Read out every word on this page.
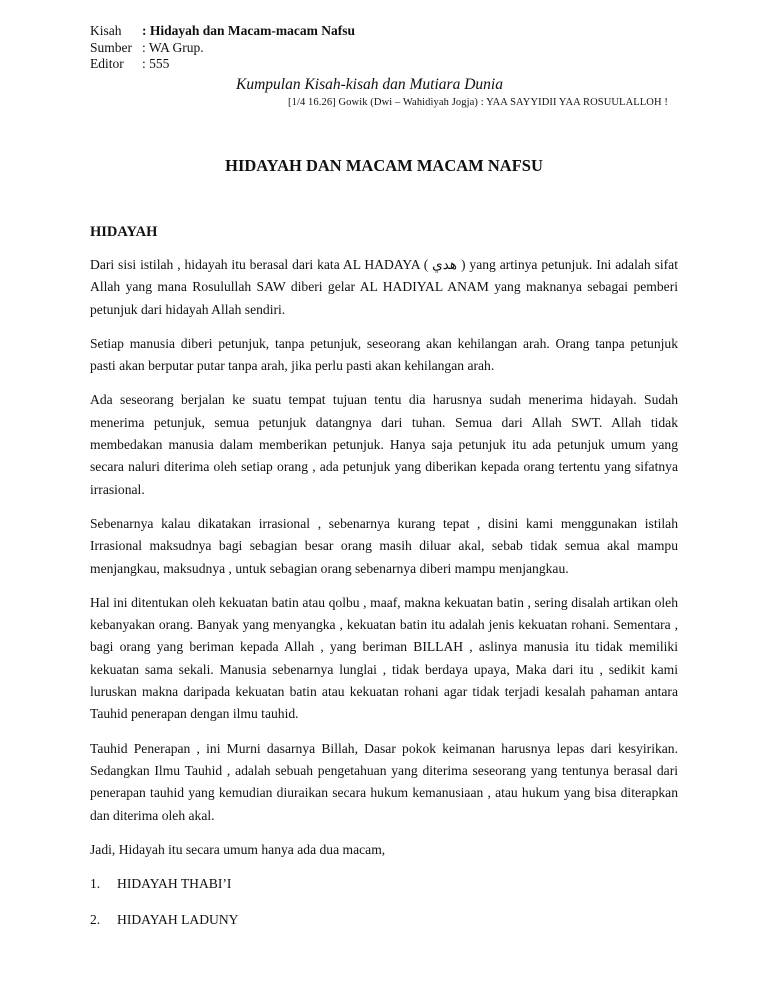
Kisah : Hidayah dan Macam-macam Nafsu
Sumber : WA Grup.
Editor : 555
Kumpulan Kisah-kisah dan Mutiara Dunia
[1/4 16.26] Gowik (Dwi – Wahidiyah Jogja) : YAA SAYYIDII YAA ROSUULALLOH !
HIDAYAH DAN MACAM MACAM NAFSU
HIDAYAH

Dari sisi istilah , hidayah itu berasal dari kata AL HADAYA ( هدي ) yang artinya petunjuk. Ini adalah sifat Allah yang mana Rosulullah SAW diberi gelar AL HADIYAL ANAM yang maknanya sebagai pemberi petunjuk dari hidayah Allah sendiri.

Setiap manusia diberi petunjuk, tanpa petunjuk, seseorang akan kehilangan arah. Orang tanpa petunjuk pasti akan berputar putar tanpa arah, jika perlu pasti akan kehilangan arah.

Ada seseorang berjalan ke suatu tempat tujuan tentu dia harusnya sudah menerima hidayah. Sudah menerima petunjuk, semua petunjuk datangnya dari tuhan. Semua dari Allah SWT. Allah tidak membedakan manusia dalam memberikan petunjuk. Hanya saja petunjuk itu ada petunjuk umum yang secara naluri diterima oleh setiap orang , ada petunjuk yang diberikan kepada orang tertentu yang sifatnya irrasional.

Sebenarnya kalau dikatakan irrasional , sebenarnya kurang tepat , disini kami menggunakan istilah Irrasional maksudnya bagi sebagian besar orang masih diluar akal, sebab tidak semua akal mampu menjangkau, maksudnya , untuk sebagian orang sebenarnya diberi mampu menjangkau.

Hal ini ditentukan oleh kekuatan batin atau qolbu , maaf, makna kekuatan batin , sering disalah artikan oleh kebanyakan orang. Banyak yang menyangka , kekuatan batin itu adalah jenis kekuatan rohani. Sementara , bagi orang yang beriman kepada Allah , yang beriman BILLAH , aslinya manusia itu tidak memiliki kekuatan sama sekali. Manusia sebenarnya lunglai , tidak berdaya upaya, Maka dari itu , sedikit kami luruskan makna daripada kekuatan batin atau kekuatan rohani agar tidak terjadi kesalah pahaman antara Tauhid penerapan dengan ilmu tauhid.

Tauhid Penerapan , ini Murni dasarnya Billah, Dasar pokok keimanan harusnya lepas dari kesyirikan. Sedangkan Ilmu Tauhid , adalah sebuah pengetahuan yang diterima seseorang yang tentunya berasal dari penerapan tauhid yang kemudian diuraikan secara hukum kemanusiaan , atau hukum yang bisa diterapkan dan diterima oleh akal.

Jadi, Hidayah itu secara umum hanya ada dua macam,

1. HIDAYAH THABI’I
2. HIDAYAH LADUNY
